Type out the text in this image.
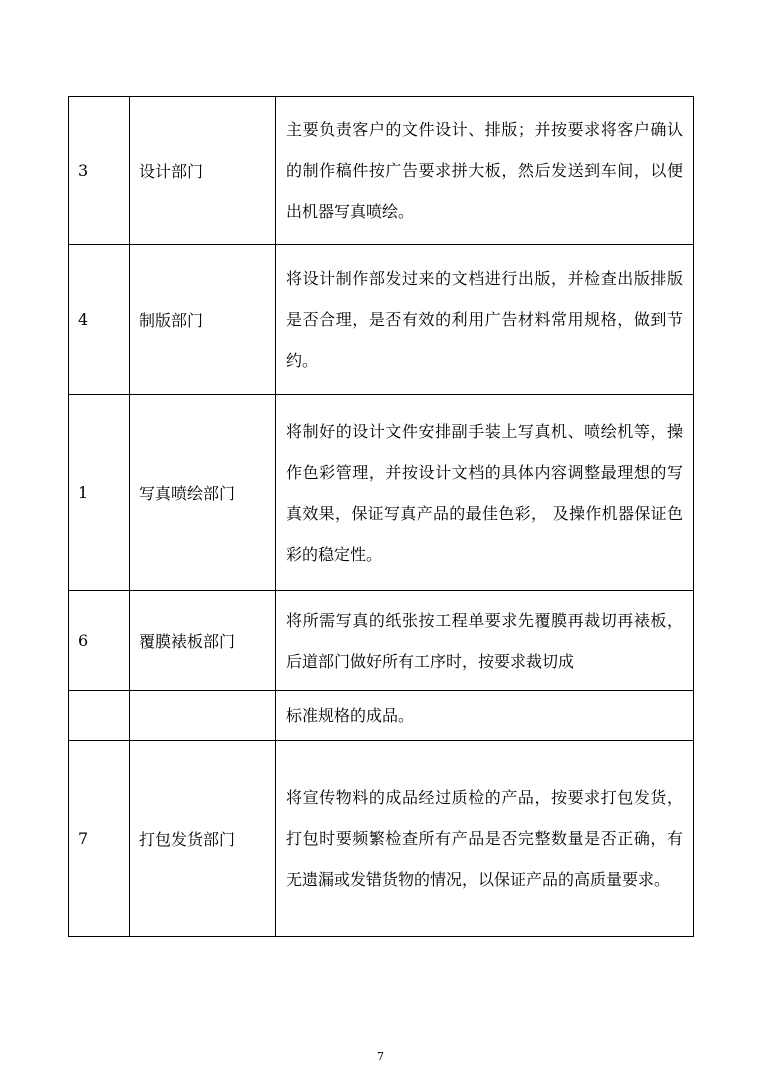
3	设计部门	主要负责客户的文件设计、排版；并按要求将客户确认的制作稿件按广告要求拼大板，然后发送到车间，以便出机器写真喷绘。
4	制版部门	将设计制作部发过来的文档进行出版，并检查出版排版是否合理，是否有效的利用广告材料常用规格，做到节约。
1	写真喷绘部门	将制好的设计文件安排副手装上写真机、喷绘机等，操作色彩管理，并按设计文档的具体内容调整最理想的写真效果，保证写真产品的最佳色彩， 及操作机器保证色彩的稳定性。
6	覆膜裱板部门	将所需写真的纸张按工程单要求先覆膜再裁切再裱板，后道部门做好所有工序时，按要求裁切成
		标准规格的成品。
7	打包发货部门	将宣传物料的成品经过质检的产品，按要求打包发货，打包时要频繁检查所有产品是否完整数量是否正确，有无遗漏或发错货物的情况，以保证产品的高质量要求。
7
